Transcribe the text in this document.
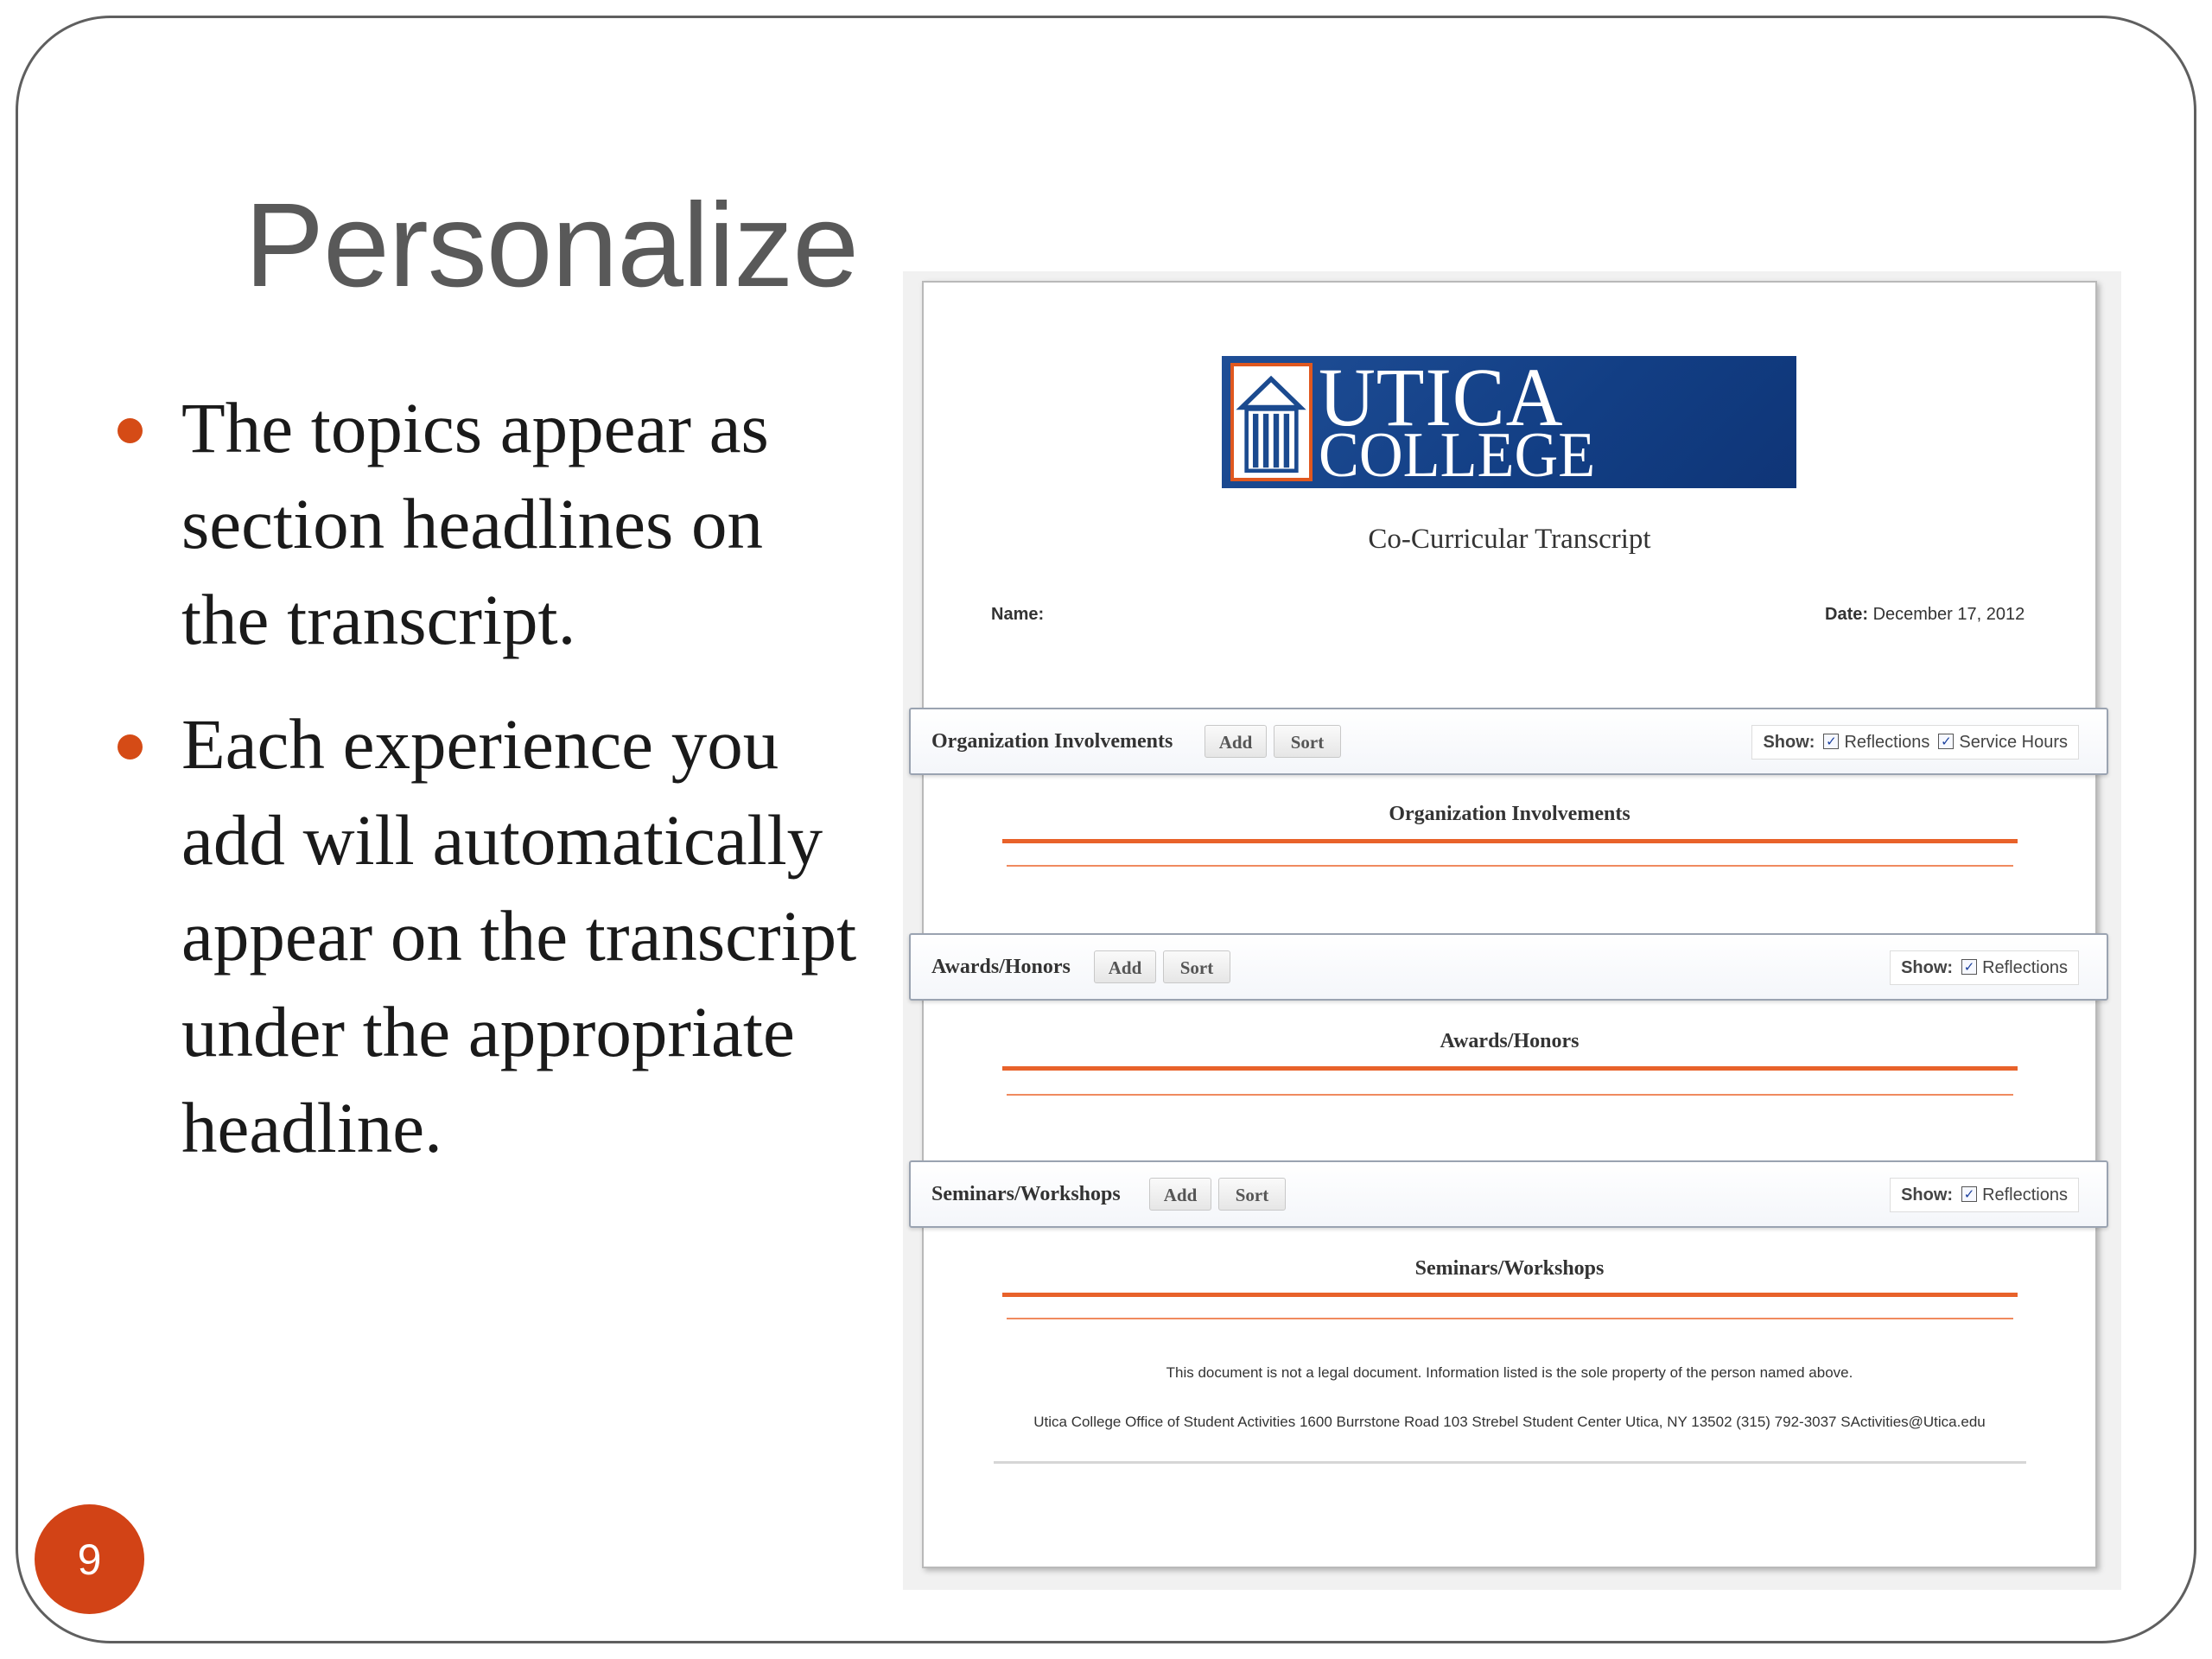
Personalize
The topics appear as section headlines on the transcript.
Each experience you add will automatically appear on the transcript under the appropriate headline.
9
UTICA
COLLEGE
Co-Curricular Transcript
Name:	Date: December 17, 2012
Organization Involvements	Add	Sort	Show: ✓ Reflections ✓ Service Hours
Organization Involvements
Awards/Honors	Add	Sort	Show: ✓ Reflections
Awards/Honors
Seminars/Workshops	Add	Sort	Show: ✓ Reflections
Seminars/Workshops
This document is not a legal document. Information listed is the sole property of the person named above.
Utica College Office of Student Activities 1600 Burrstone Road 103 Strebel Student Center Utica, NY 13502 (315) 792-3037 SActivities@Utica.edu
